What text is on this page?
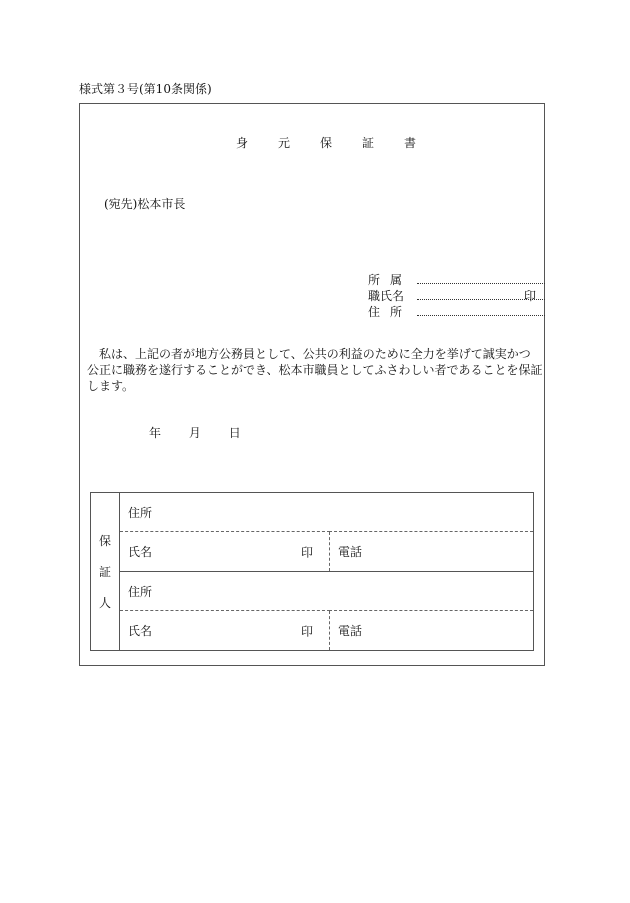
様式第３号(第10条関係)
身元保証書
(宛先)松本市長
所属
職氏名	印
住所
　私は、上記の者が地方公務員として、公共の利益のために全力を挙げて誠実かつ
公正に職務を遂行することができ、松本市職員としてふさわしい者であることを保証
します。
年 月 日
保
証
人	住所	
	氏名 印	電話
	住所	
	氏名 印	電話
